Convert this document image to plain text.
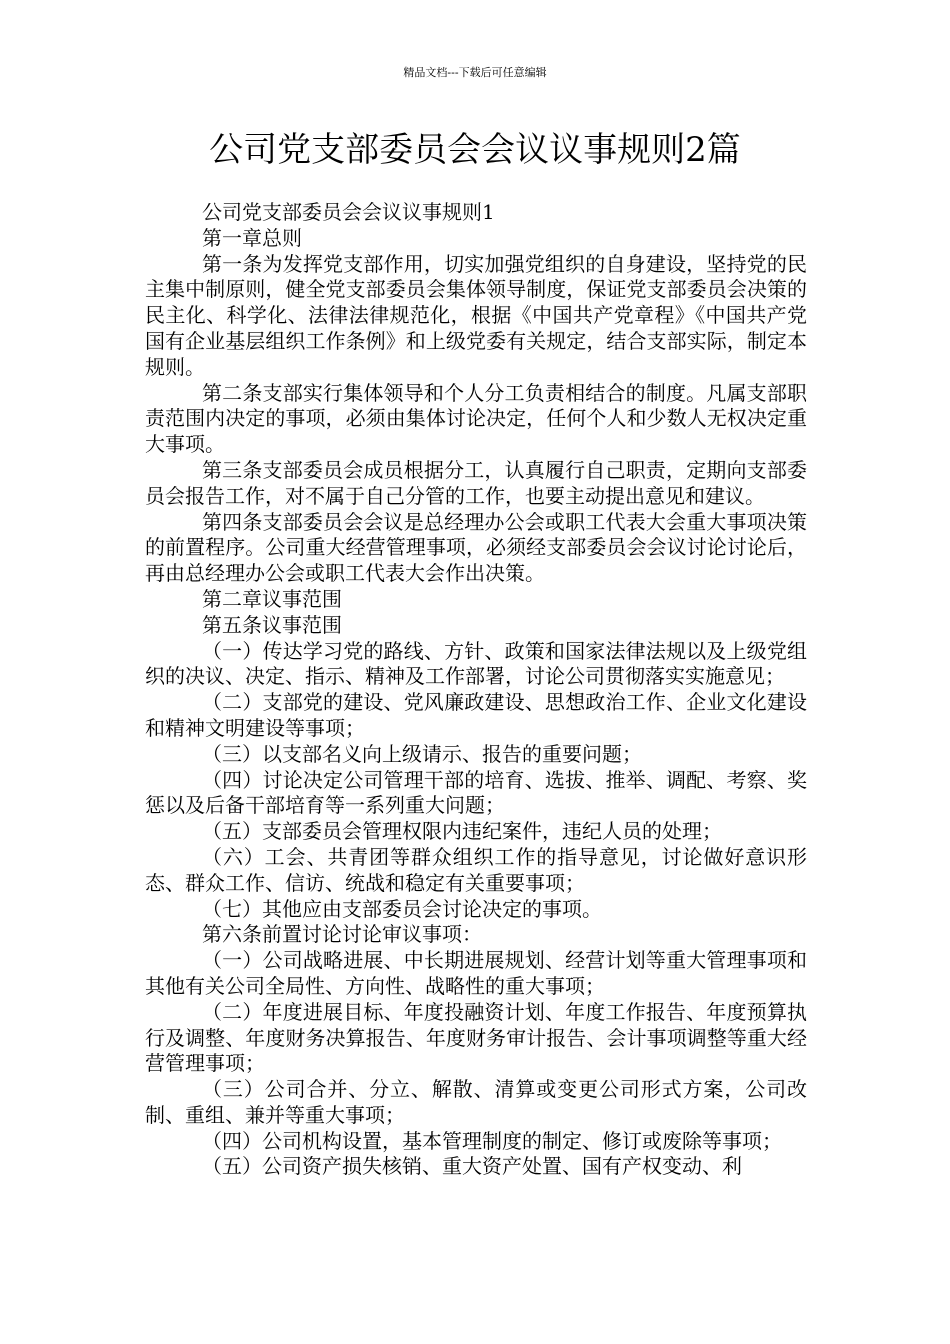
精品文档---下载后可任意编辑
公司党支部委员会会议议事规则2篇

公司党支部委员会会议议事规则1

第一章总则

第一条为发挥党支部作用，切实加强党组织的自身建设，坚持党的民主集中制原则，健全党支部委员会集体领导制度，保证党支部委员会决策的民主化、科学化、法律法律规范化，根据《中国共产党章程》《中国共产党国有企业基层组织工作条例》和上级党委有关规定，结合支部实际，制定本规则。

第二条支部实行集体领导和个人分工负责相结合的制度。凡属支部职责范围内决定的事项，必须由集体讨论决定，任何个人和少数人无权决定重大事项。

第三条支部委员会成员根据分工，认真履行自己职责，定期向支部委员会报告工作，对不属于自己分管的工作，也要主动提出意见和建议。

第四条支部委员会会议是总经理办公会或职工代表大会重大事项决策的前置程序。公司重大经营管理事项，必须经支部委员会会议讨论讨论后，再由总经理办公会或职工代表大会作出决策。

第二章议事范围

第五条议事范围

（一）传达学习党的路线、方针、政策和国家法律法规以及上级党组织的决议、决定、指示、精神及工作部署，讨论公司贯彻落实实施意见；

（二）支部党的建设、党风廉政建设、思想政治工作、企业文化建设和精神文明建设等事项；

（三）以支部名义向上级请示、报告的重要问题；

（四）讨论决定公司管理干部的培育、选拔、推举、调配、考察、奖惩以及后备干部培育等一系列重大问题；

（五）支部委员会管理权限内违纪案件，违纪人员的处理；

（六）工会、共青团等群众组织工作的指导意见，讨论做好意识形态、群众工作、信访、统战和稳定有关重要事项；

（七）其他应由支部委员会讨论决定的事项。

第六条前置讨论讨论审议事项：

（一）公司战略进展、中长期进展规划、经营计划等重大管理事项和其他有关公司全局性、方向性、战略性的重大事项；

（二）年度进展目标、年度投融资计划、年度工作报告、年度预算执行及调整、年度财务决算报告、年度财务审计报告、会计事项调整等重大经营管理事项；

（三）公司合并、分立、解散、清算或变更公司形式方案，公司改制、重组、兼并等重大事项；

（四）公司机构设置，基本管理制度的制定、修订或废除等事项；

（五）公司资产损失核销、重大资产处置、国有产权变动、利
